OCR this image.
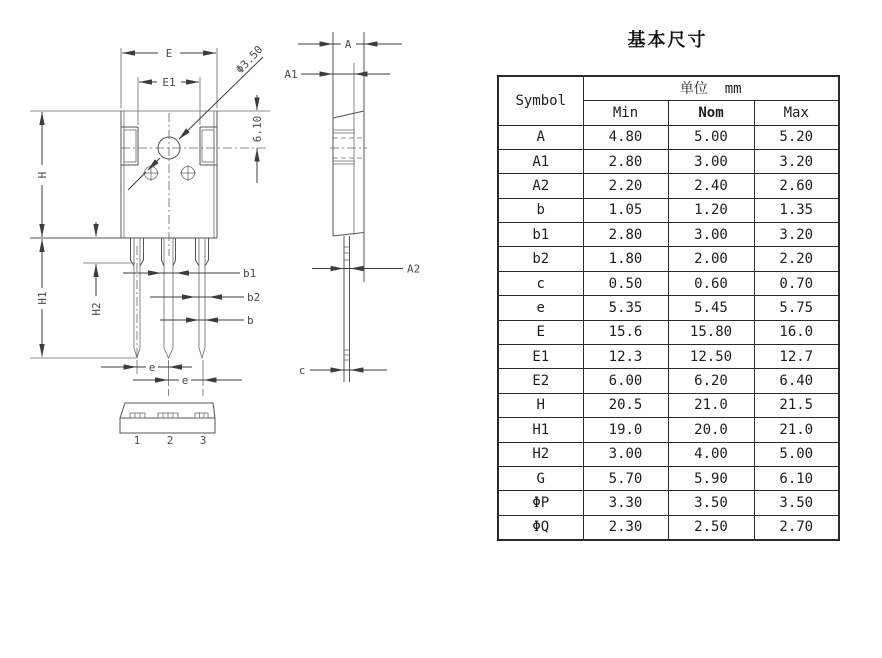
1 2 3
E
E1
Φ3.50
6.10
H
H1
H2
b1
b2
b
e
e
A
A1
A2
c
基本尺寸
Symbol	单位  mm		
	Min	Nom	Max
A	4.80	5.00	5.20
A1	2.80	3.00	3.20
A2	2.20	2.40	2.60
b	1.05	1.20	1.35
b1	2.80	3.00	3.20
b2	1.80	2.00	2.20
c	0.50	0.60	0.70
e	5.35	5.45	5.75
E	15.6	15.80	16.0
E1	12.3	12.50	12.7
E2	6.00	6.20	6.40
H	20.5	21.0	21.5
H1	19.0	20.0	21.0
H2	3.00	4.00	5.00
G	5.70	5.90	6.10
ΦP	3.30	3.50	3.50
ΦQ	2.30	2.50	2.70
